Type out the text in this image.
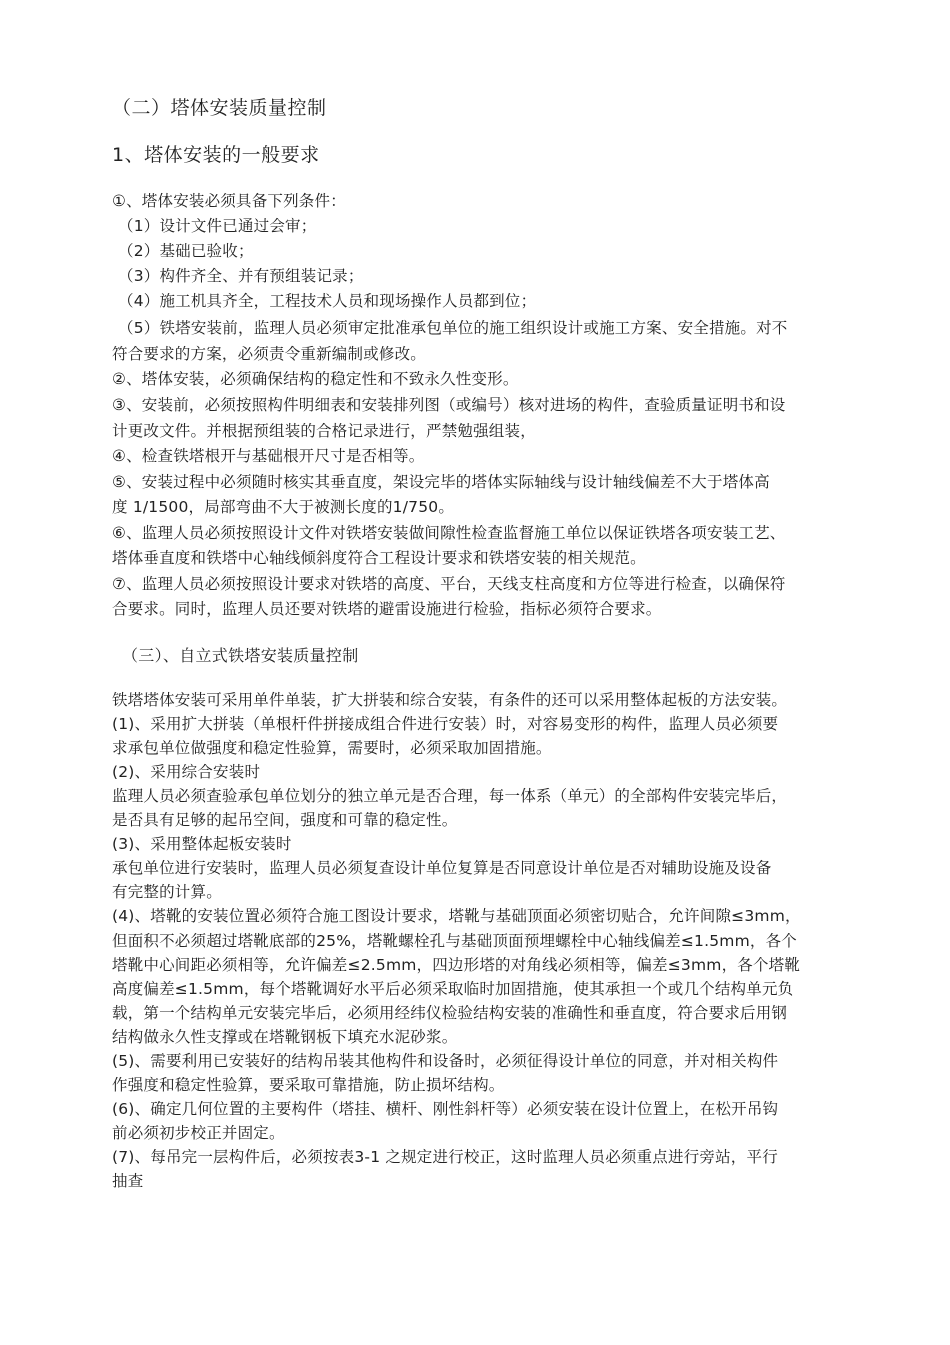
（二）塔体安装质量控制
1、塔体安装的一般要求
①、塔体安装必须具备下列条件：
（1）设计文件已通过会审；
（2）基础已验收；
（3）构件齐全、并有预组装记录；
（4）施工机具齐全，工程技术人员和现场操作人员都到位；
（5）铁塔安装前，监理人员必须审定批准承包单位的施工组织设计或施工方案、安全措施。对不
符合要求的方案，必须责令重新编制或修改。
②、塔体安装，必须确保结构的稳定性和不致永久性变形。
③、安装前，必须按照构件明细表和安装排列图（或编号）核对进场的构件，查验质量证明书和设
计更改文件。并根据预组装的合格记录进行，严禁勉强组装，
④、检查铁塔根开与基础根开尺寸是否相等。
⑤、安装过程中必须随时核实其垂直度，架设完毕的塔体实际轴线与设计轴线偏差不大于塔体高
度 1/1500，局部弯曲不大于被测长度的1/750。
⑥、监理人员必须按照设计文件对铁塔安装做间隙性检查监督施工单位以保证铁塔各项安装工艺、
塔体垂直度和铁塔中心轴线倾斜度符合工程设计要求和铁塔安装的相关规范。
⑦、监理人员必须按照设计要求对铁塔的高度、平台，天线支柱高度和方位等进行检查，以确保符
合要求。同时，监理人员还要对铁塔的避雷设施进行检验，指标必须符合要求。
（三）、自立式铁塔安装质量控制
铁塔塔体安装可采用单件单装，扩大拼装和综合安装，有条件的还可以采用整体起板的方法安装。
(1)、采用扩大拼装（单根杆件拼接成组合件进行安装）时，对容易变形的构件，监理人员必须要
求承包单位做强度和稳定性验算，需要时，必须采取加固措施。
(2)、采用综合安装时
监理人员必须查验承包单位划分的独立单元是否合理，每一体系（单元）的全部构件安装完毕后，
是否具有足够的起吊空间，强度和可靠的稳定性。
(3)、采用整体起板安装时
承包单位进行安装时，监理人员必须复查设计单位复算是否同意设计单位是否对辅助设施及设备
有完整的计算。
(4)、塔靴的安装位置必须符合施工图设计要求，塔靴与基础顶面必须密切贴合，允许间隙≤3mm，
但面积不必须超过塔靴底部的25%，塔靴螺栓孔与基础顶面预埋螺栓中心轴线偏差≤1.5mm，各个
塔靴中心间距必须相等，允许偏差≤2.5mm，四边形塔的对角线必须相等，偏差≤3mm，各个塔靴
高度偏差≤1.5mm，每个塔靴调好水平后必须采取临时加固措施，使其承担一个或几个结构单元负
载，第一个结构单元安装完毕后，必须用经纬仪检验结构安装的准确性和垂直度，符合要求后用钢
结构做永久性支撑或在塔靴钢板下填充水泥砂浆。
(5)、需要利用已安装好的结构吊装其他构件和设备时，必须征得设计单位的同意，并对相关构件
作强度和稳定性验算，要采取可靠措施，防止损坏结构。
(6)、确定几何位置的主要构件（塔挂、横杆、刚性斜杆等）必须安装在设计位置上，在松开吊钩
前必须初步校正并固定。
(7)、每吊完一层构件后，必须按表3-1 之规定进行校正，这时监理人员必须重点进行旁站，平行
抽查
